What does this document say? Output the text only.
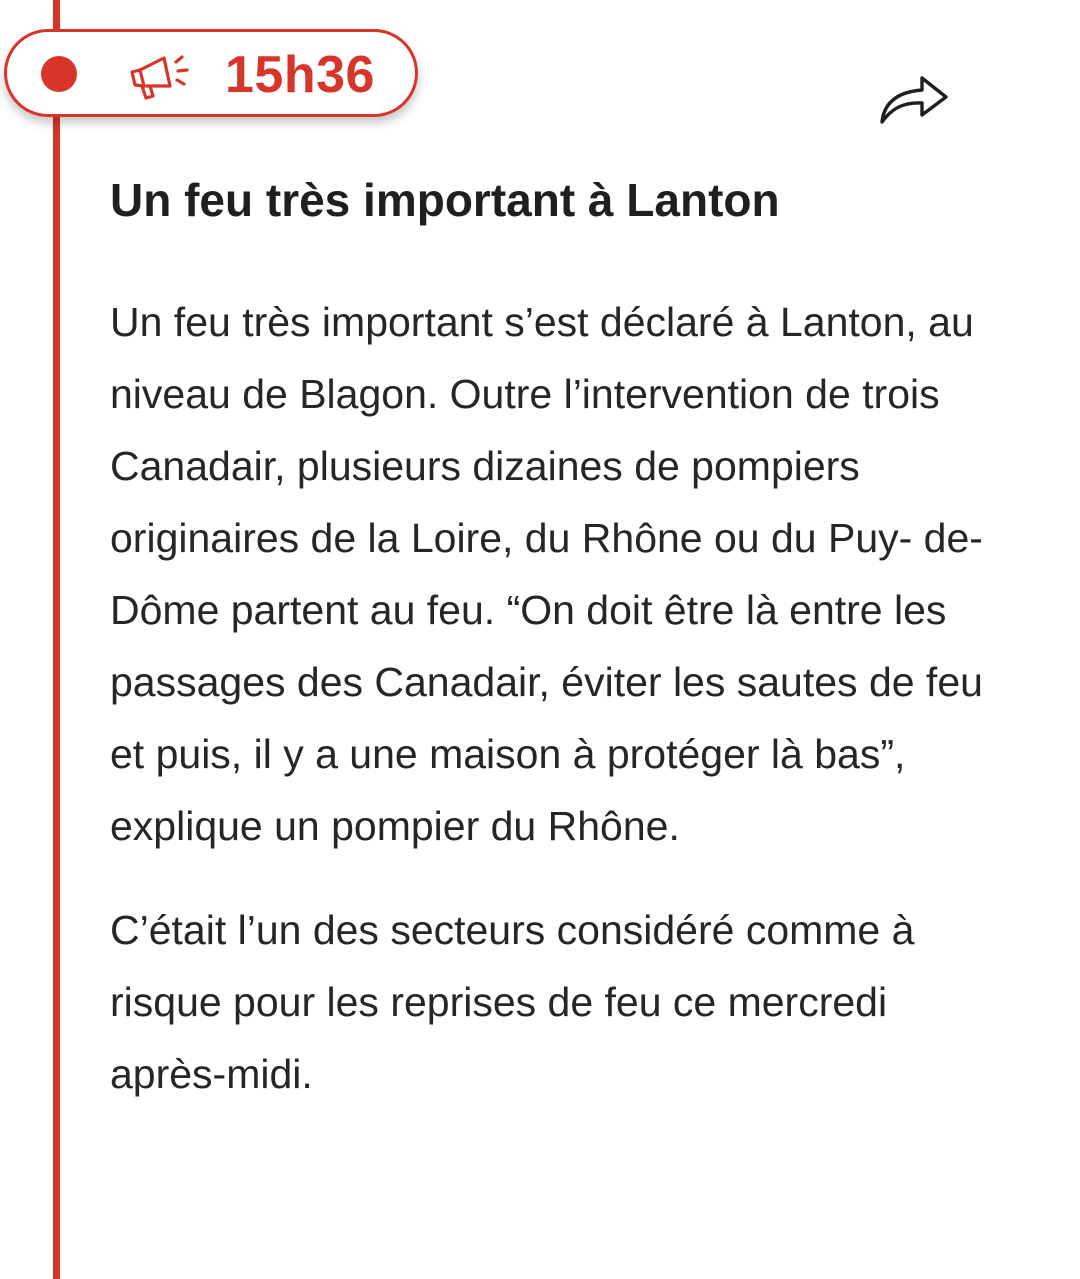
15h36
Un feu très important à Lanton

Un feu très important s’est déclaré à Lanton, au niveau de Blagon. Outre l’intervention de trois Canadair, plusieurs dizaines de pompiers originaires de la Loire, du Rhône ou du Puy- de-Dôme partent au feu. “On doit être là entre les passages des Canadair, éviter les sautes de feu et puis, il y a une maison à protéger là bas”, explique un pompier du Rhône.

C’était l’un des secteurs considéré comme à risque pour les reprises de feu ce mercredi après-midi.
